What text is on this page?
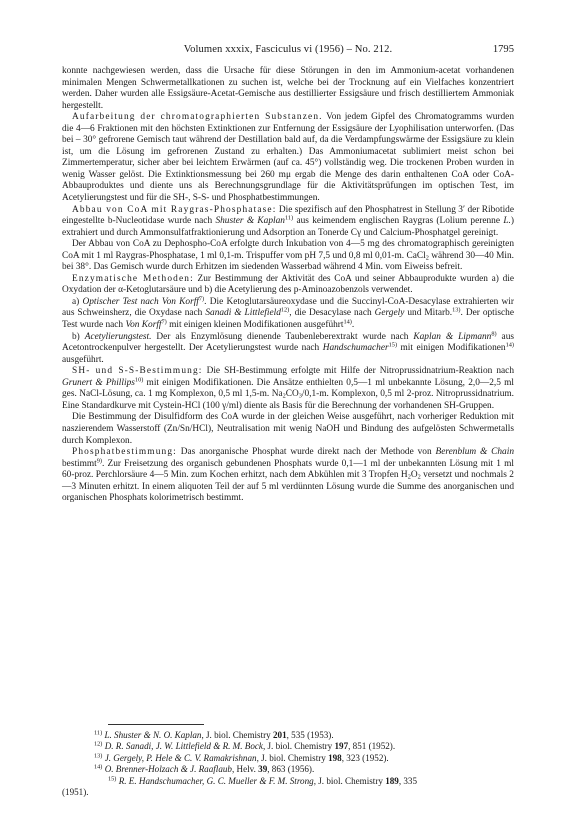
Volumen xxxix, Fasciculus vi (1956) – No. 212.	1795

konnte nachgewiesen werden, dass die Ursache für diese Störungen in den im Ammonium-acetat vorhandenen minimalen Mengen Schwermetallkationen zu suchen ist, welche bei der Trocknung auf ein Vielfaches konzentriert werden. Daher wurden alle Essigsäure-Acetat-Gemische aus destillierter Essigsäure und frisch destilliertem Ammoniak hergestellt.

Aufarbeitung der chromatographierten Substanzen. Von jedem Gipfel des Chromatogramms wurden die 4—6 Fraktionen mit den höchsten Extinktionen zur Entfernung der Essigsäure der Lyophilisation unterworfen. (Das bei – 30° gefrorene Gemisch taut während der Destillation bald auf, da die Verdampfungswärme der Essigsäure zu klein ist, um die Lösung im gefrorenen Zustand zu erhalten.) Das Ammoniumacetat sublimiert meist schon bei Zimmertemperatur, sicher aber bei leichtem Erwärmen (auf ca. 45°) vollständig weg. Die trockenen Proben wurden in wenig Wasser gelöst. Die Extinktionsmessung bei 260 mμ ergab die Menge des darin enthaltenen CoA oder CoA-Abbauproduktes und diente uns als Berechnungsgrundlage für die Aktivitätsprüfungen im optischen Test, im Acetylierungstest und für die SH-, S-S- und Phosphatbestimmungen.

Abbau von CoA mit Raygras-Phosphatase: Die spezifisch auf den Phosphatrest in Stellung 3′ der Ribotide eingestellte b-Nucleotidase wurde nach Shuster & Kaplan$^{11)}$ aus keimendem englischen Raygras (Lolium perenne L.) extrahiert und durch Ammonsulfatfraktionierung und Adsorption an Tonerde Cγ und Calcium-Phosphatgel gereinigt.

Der Abbau von CoA zu Dephospho-CoA erfolgte durch Inkubation von 4—5 mg des chromatographisch gereinigten CoA mit 1 ml Raygras-Phosphatase, 1 ml 0,1-m. Trispuffer vom pH 7,5 und 0,8 ml 0,01-m. CaCl$_2$ während 30—40 Min. bei 38°. Das Gemisch wurde durch Erhitzen im siedenden Wasserbad während 4 Min. vom Eiweiss befreit.

Enzymatische Methoden: Zur Bestimmung der Aktivität des CoA und seiner Abbauprodukte wurden a) die Oxydation der α-Ketoglutarsäure und b) die Acetylierung des p-Aminoazobenzols verwendet.

a) Optischer Test nach Von Korff$^{7)}$. Die Ketoglutarsäureoxydase und die Succinyl-CoA-Desacylase extrahierten wir aus Schweinsherz, die Oxydase nach Sanadi & Littlefield$^{12)}$, die Desacylase nach Gergely und Mitarb.$^{13)}$. Der optische Test wurde nach Von Korff$^{7)}$ mit einigen kleinen Modifikationen ausgeführt$^{14)}$.

b) Acetylierungstest. Der als Enzymlösung dienende Taubenleberextrakt wurde nach Kaplan & Lipmann$^{8)}$ aus Acetontrockenpulver hergestellt. Der Acetylierungstest wurde nach Handschumacher$^{15)}$ mit einigen Modifikationen$^{14)}$ ausgeführt.

SH- und S-S-Bestimmung: Die SH-Bestimmung erfolgte mit Hilfe der Nitroprussidnatrium-Reaktion nach Grunert & Phillips$^{10)}$ mit einigen Modifikationen. Die Ansätze enthielten 0,5—1 ml unbekannte Lösung, 2,0—2,5 ml ges. NaCl-Lösung, ca. 1 mg Komplexon, 0,5 ml 1,5-m. $Na_2CO_3/0,1-m$. Komplexon, 0,5 ml 2-proz. Nitroprussidnatrium. Eine Standardkurve mit Cystein-HCl (100 γ/ml) diente als Basis für die Berechnung der vorhandenen SH-Gruppen.

Die Bestimmung der Disulfidform des CoA wurde in der gleichen Weise ausgeführt, nach vorheriger Reduktion mit naszierendem Wasserstoff (Zn/Sn/HCl), Neutralisation mit wenig NaOH und Bindung des aufgelösten Schwermetalls durch Komplexon.

Phosphatbestimmung: Das anorganische Phosphat wurde direkt nach der Methode von Berenblum & Chain bestimmt$^{9)}$. Zur Freisetzung des organisch gebundenen Phosphats wurde 0,1—1 ml der unbekannten Lösung mit 1 ml 60-proz. Perchlorsäure 4—5 Min. zum Kochen erhitzt, nach dem Abkühlen mit 3 Tropfen $H_2O_2$ versetzt und nochmals 2—3 Minuten erhitzt. In einem aliquoten Teil der auf 5 ml verdünnten Lösung wurde die Summe des anorganischen und organischen Phosphats kolorimetrisch bestimmt.

$^{11)}$ L. Shuster & N. O. Kaplan, J. biol. Chemistry 201, 535 (1953).

$^{12)}$ D. R. Sanadi, J. W. Littlefield & R. M. Bock, J. biol. Chemistry 197, 851 (1952).

$^{13)}$ J. Gergely, P. Hele & C. V. Ramakrishnan, J. biol. Chemistry 198, 323 (1952).

$^{14)}$ O. Brenner-Holzach & J. Raaflaub, Helv. 39, 863 (1956).

$^{15)}$ R. E. Handschumacher, G. C. Mueller & F. M. Strong, J. biol. Chemistry 189, 335
(1951).
